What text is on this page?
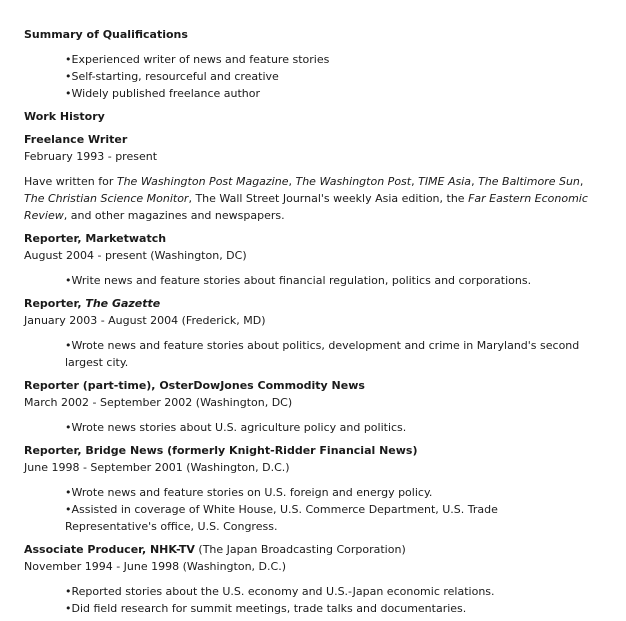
Summary of Qualifications
•Experienced writer of news and feature stories
•Self-starting, resourceful and creative
•Widely published freelance author
Work History
Freelance Writer
February 1993 - present
Have written for The Washington Post Magazine, The Washington Post, TIME Asia, The Baltimore Sun, The Christian Science Monitor, The Wall Street Journal's weekly Asia edition, the Far Eastern Economic Review, and other magazines and newspapers.
Reporter, Marketwatch
August 2004 - present (Washington, DC)
•Write news and feature stories about financial regulation, politics and corporations.
Reporter, The Gazette
January 2003 - August 2004 (Frederick, MD)
•Wrote news and feature stories about politics, development and crime in Maryland's second largest city.
Reporter (part-time), OsterDowJones Commodity News
March 2002 - September 2002 (Washington, DC)
•Wrote news stories about U.S. agriculture policy and politics.
Reporter, Bridge News (formerly Knight-Ridder Financial News)
June 1998 - September 2001 (Washington, D.C.)
•Wrote news and feature stories on U.S. foreign and energy policy.
•Assisted in coverage of White House, U.S. Commerce Department, U.S. Trade Representative's office, U.S. Congress.
Associate Producer, NHK-TV (The Japan Broadcasting Corporation)
November 1994 - June 1998 (Washington, D.C.)
•Reported stories about the U.S. economy and U.S.-Japan economic relations.
•Did field research for summit meetings, trade talks and documentaries.
